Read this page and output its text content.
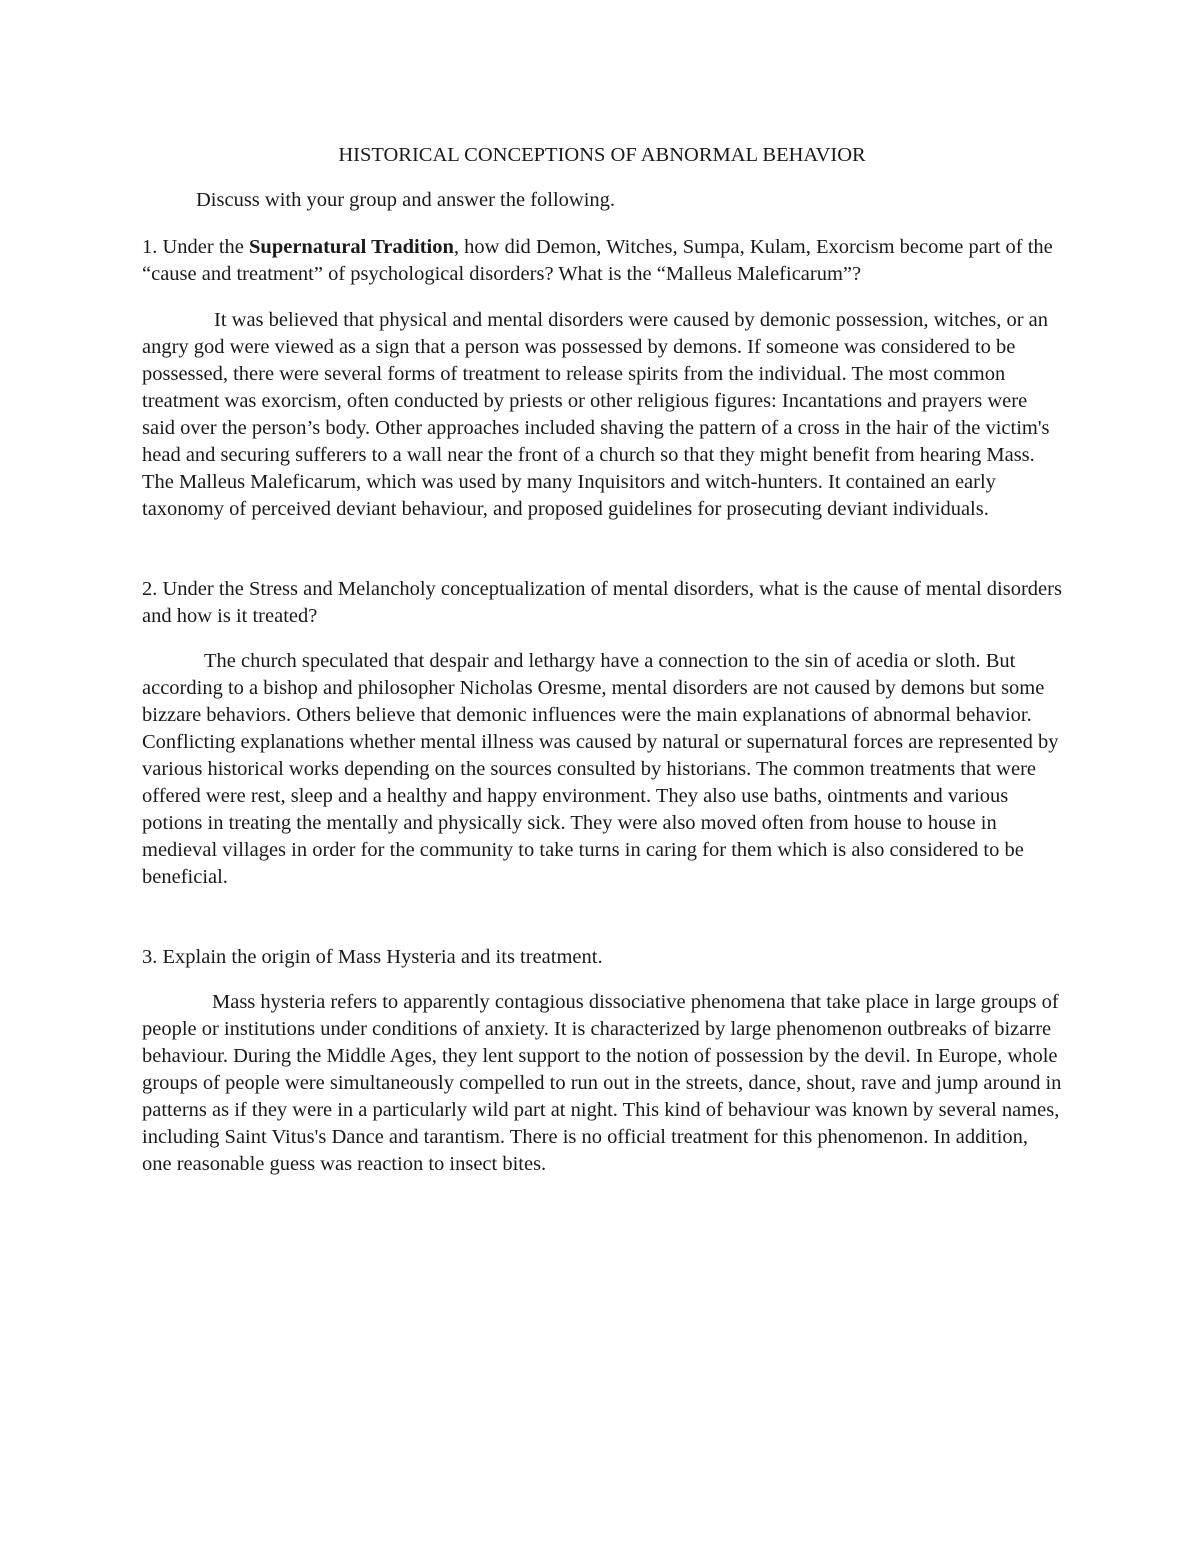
HISTORICAL CONCEPTIONS OF ABNORMAL BEHAVIOR

Discuss with your group and answer the following.

1. Under the Supernatural Tradition, how did Demon, Witches, Sumpa, Kulam, Exorcism become part of the “cause and treatment” of psychological disorders? What is the “Malleus Maleficarum”?

It was believed that physical and mental disorders were caused by demonic possession, witches, or an angry god were viewed as a sign that a person was possessed by demons. If someone was considered to be possessed, there were several forms of treatment to release spirits from the individual. The most common treatment was exorcism, often conducted by priests or other religious figures: Incantations and prayers were said over the person’s body. Other approaches included shaving the pattern of a cross in the hair of the victim's head and securing sufferers to a wall near the front of a church so that they might benefit from hearing Mass. The Malleus Maleficarum, which was used by many Inquisitors and witch-hunters. It contained an early taxonomy of perceived deviant behaviour, and proposed guidelines for prosecuting deviant individuals.

2. Under the Stress and Melancholy conceptualization of mental disorders, what is the cause of mental disorders and how is it treated?

The church speculated that despair and lethargy have a connection to the sin of acedia or sloth. But according to a bishop and philosopher Nicholas Oresme, mental disorders are not caused by demons but some bizzare behaviors. Others believe that demonic influences were the main explanations of abnormal behavior. Conflicting explanations whether mental illness was caused by natural or supernatural forces are represented by various historical works depending on the sources consulted by historians. The common treatments that were offered were rest, sleep and a healthy and happy environment. They also use baths, ointments and various potions in treating the mentally and physically sick. They were also moved often from house to house in medieval villages in order for the community to take turns in caring for them which is also considered to be beneficial.

3. Explain the origin of Mass Hysteria and its treatment.

Mass hysteria refers to apparently contagious dissociative phenomena that take place in large groups of people or institutions under conditions of anxiety. It is characterized by large phenomenon outbreaks of bizarre behaviour. During the Middle Ages, they lent support to the notion of possession by the devil. In Europe, whole groups of people were simultaneously compelled to run out in the streets, dance, shout, rave and jump around in patterns as if they were in a particularly wild part at night. This kind of behaviour was known by several names, including Saint Vitus's Dance and tarantism. There is no official treatment for this phenomenon. In addition, one reasonable guess was reaction to insect bites.
